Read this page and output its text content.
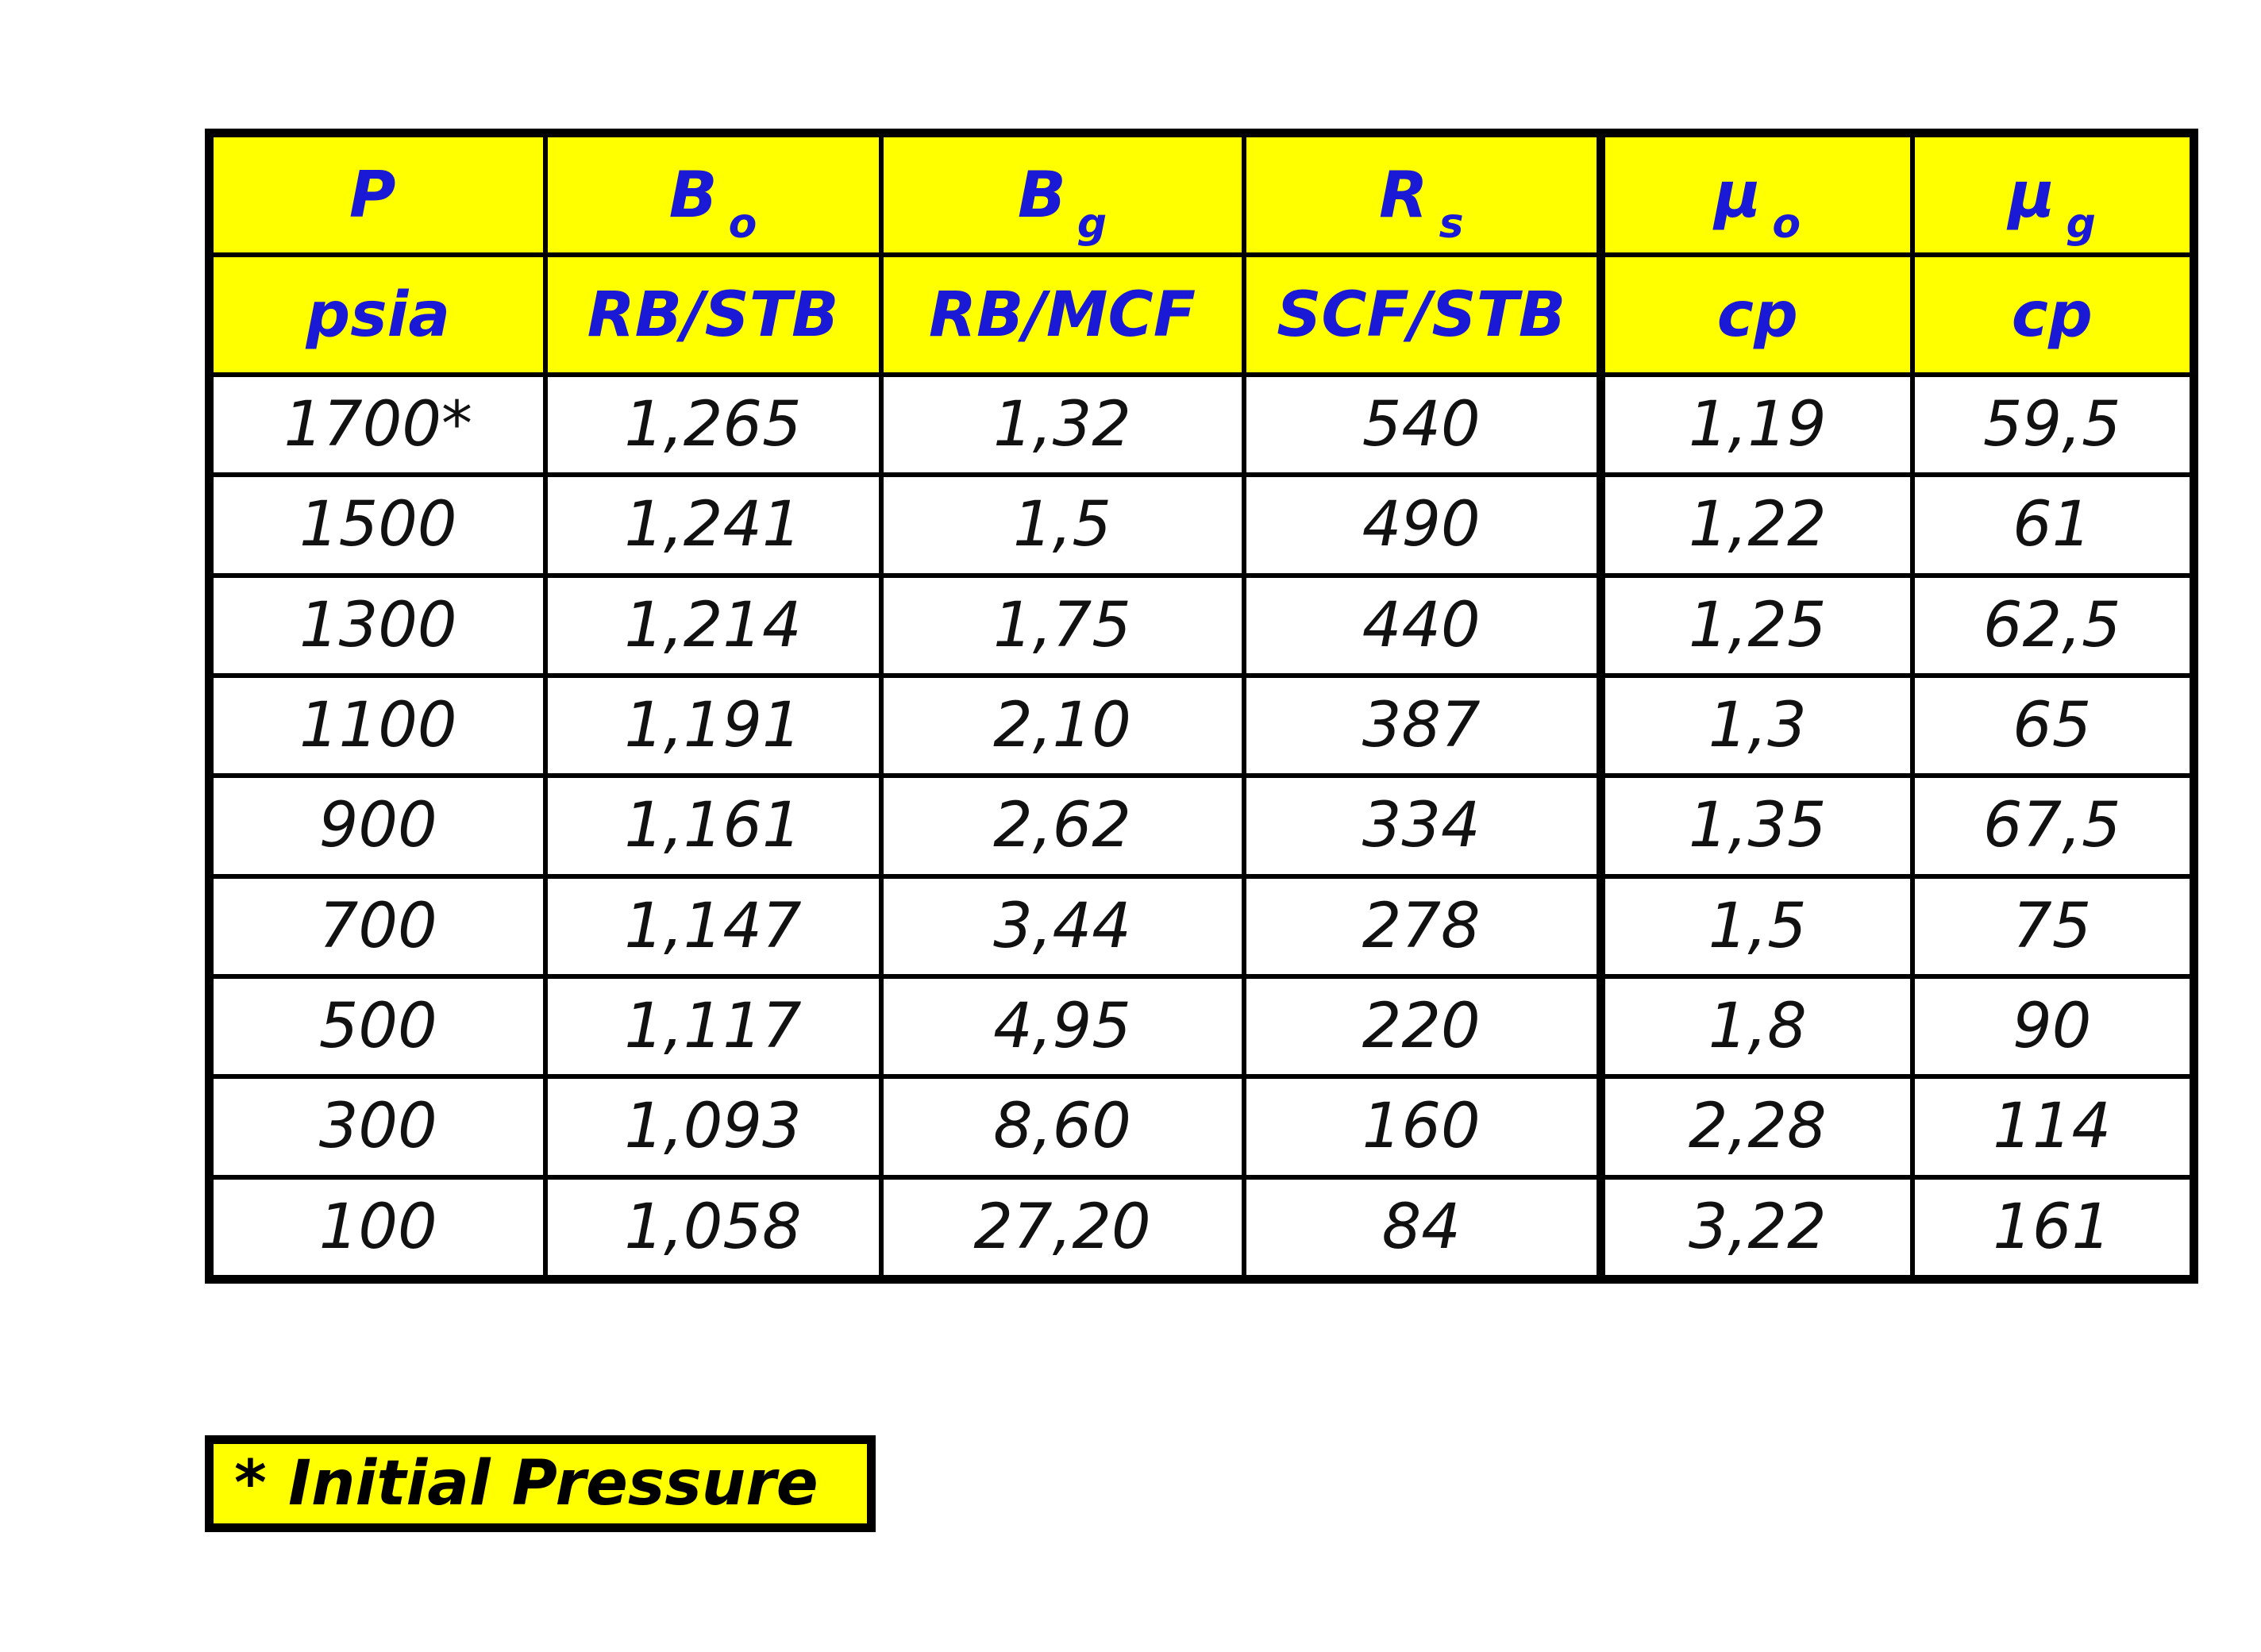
P	B $_o$	B $_g$	R $_s$	μ $_o$	μ $_g$
psia	RB/STB	RB/MCF	SCF/STB	cp	cp
1700*	1,265	1,32	540	1,19	59,5
1500	1,241	1,5	490	1,22	61
1300	1,214	1,75	440	1,25	62,5
1100	1,191	2,10	387	1,3	65
900	1,161	2,62	334	1,35	67,5
700	1,147	3,44	278	1,5	75
500	1,117	4,95	220	1,8	90
300	1,093	8,60	160	2,28	114
100	1,058	27,20	84	3,22	161
* Initial Pressure
